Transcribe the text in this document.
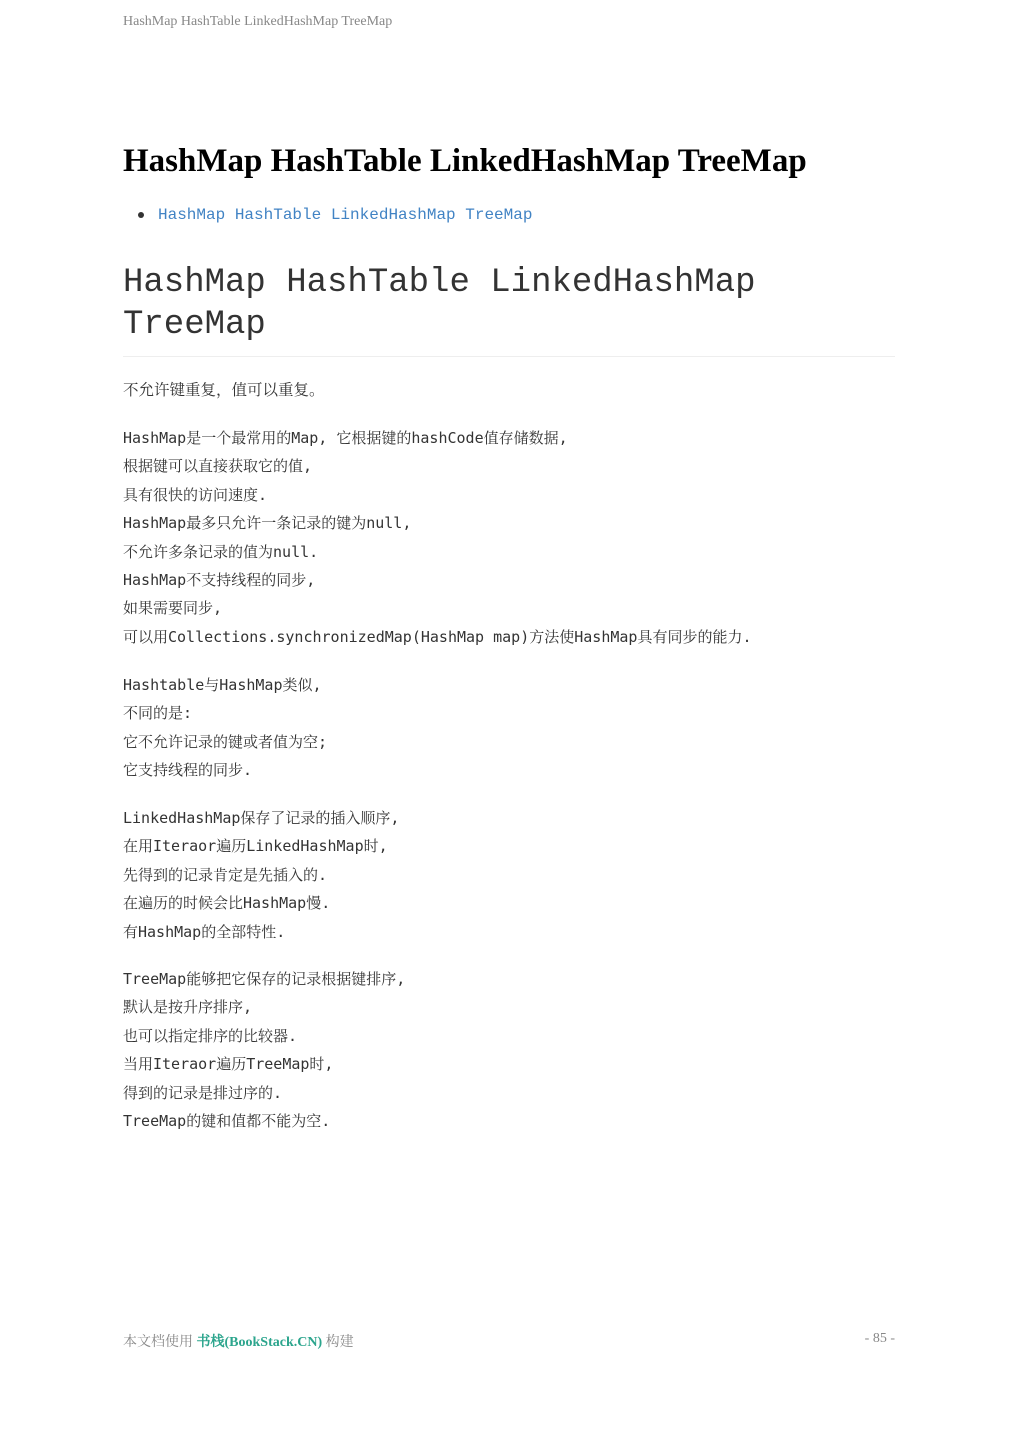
HashMap HashTable LinkedHashMap TreeMap
HashMap HashTable LinkedHashMap TreeMap
HashMap HashTable LinkedHashMap TreeMap
HashMap HashTable LinkedHashMap TreeMap

不允许键重复，值可以重复。

HashMap是一个最常用的Map, 它根据键的hashCode值存储数据,
根据键可以直接获取它的值,
具有很快的访问速度.
HashMap最多只允许一条记录的键为null,
不允许多条记录的值为null.
HashMap不支持线程的同步,
如果需要同步,
可以用Collections.synchronizedMap(HashMap map)方法使HashMap具有同步的能力.

Hashtable与HashMap类似,
不同的是:
它不允许记录的键或者值为空;
它支持线程的同步.

LinkedHashMap保存了记录的插入顺序,
在用Iteraor遍历LinkedHashMap时,
先得到的记录肯定是先插入的.
在遍历的时候会比HashMap慢.
有HashMap的全部特性.

TreeMap能够把它保存的记录根据键排序,
默认是按升序排序,
也可以指定排序的比较器.
当用Iteraor遍历TreeMap时,
得到的记录是排过序的.
TreeMap的键和值都不能为空.

本文档使用 书栈(BookStack.CN) 构建	- 85 -
